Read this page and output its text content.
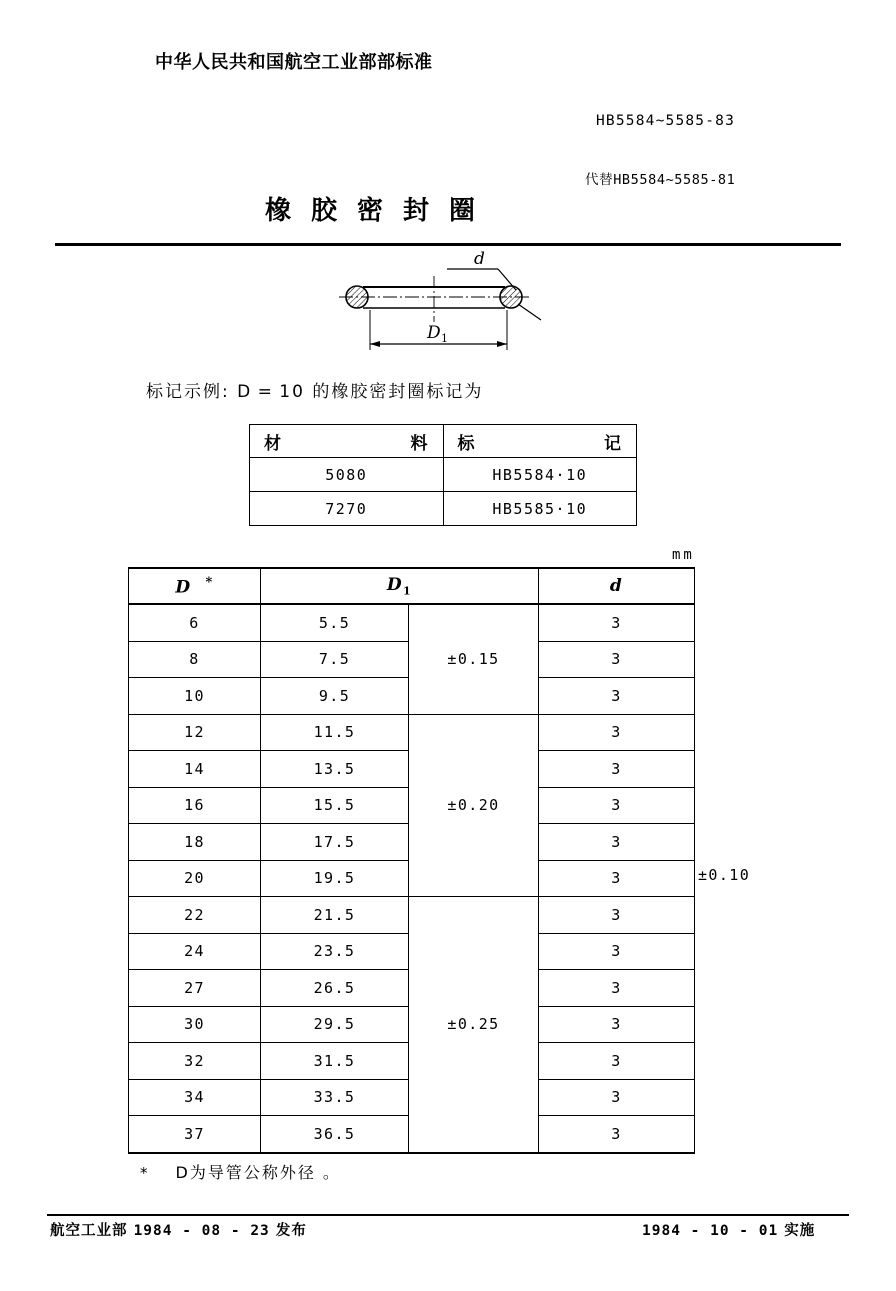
中华人民共和国航空工业部部标准
HB5584~5585-83
代替HB5584~5585-81
橡胶密封圈
d
D 1
标记示例: D = 10 的橡胶密封圈标记为
材 料	标 记

5080	HB5584·10
7270	HB5585·10
mm
D *	$D_1$		d
6	5.5	±0.15	3
8	7.5		3
10	9.5		3
12	11.5	±0.20	3
14	13.5		3
16	15.5		3
18	17.5		3
20	19.5		3
22	21.5	±0.25	3
24	23.5		3
27	26.5		3
30	29.5		3
32	31.5		3
34	33.5		3
37	36.5		3
±0.10
* D为导管公称外径 。
航空工业部 1984 - 08 - 23 发布	1984 - 10 - 01 实施
